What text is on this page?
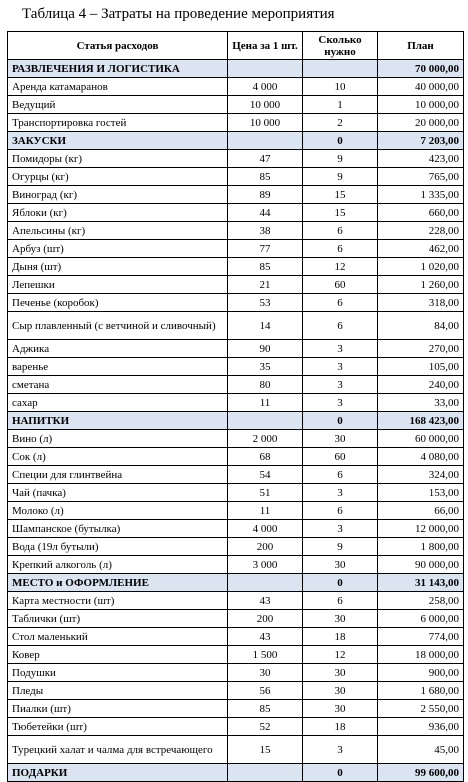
Таблица 4 – Затраты на проведение мероприятия
Статья расходов	Цена за 1 шт.	Сколько нужно	План
РАЗВЛЕЧЕНИЯ И ЛОГИСТИКА			70 000,00
Аренда катамаранов	4 000	10	40 000,00
Ведущий	10 000	1	10 000,00
Транспортировка гостей	10 000	2	20 000,00
ЗАКУСКИ		0	7 203,00
Помидоры (кг)	47	9	423,00
Огурцы (кг)	85	9	765,00
Виноград (кг)	89	15	1 335,00
Яблоки (кг)	44	15	660,00
Апельсины (кг)	38	6	228,00
Арбуз (шт)	77	6	462,00
Дыня (шт)	85	12	1 020,00
Лепешки	21	60	1 260,00
Печенье (коробок)	53	6	318,00
Сыр плавленный (с ветчиной и сливочный)	14	6	84,00
Аджика	90	3	270,00
варенье	35	3	105,00
сметана	80	3	240,00
сахар	11	3	33,00
НАПИТКИ		0	168 423,00
Вино (л)	2 000	30	60 000,00
Сок (л)	68	60	4 080,00
Специи для глинтвейна	54	6	324,00
Чай (пачка)	51	3	153,00
Молоко (л)	11	6	66,00
Шампанское (бутылка)	4 000	3	12 000,00
Вода (19л бутыли)	200	9	1 800,00
Крепкий алкоголь (л)	3 000	30	90 000,00
МЕСТО и ОФОРМЛЕНИЕ		0	31 143,00
Карта местности (шт)	43	6	258,00
Таблички (шт)	200	30	6 000,00
Стол маленький	43	18	774,00
Ковер	1 500	12	18 000,00
Подушки	30	30	900,00
Пледы	56	30	1 680,00
Пиалки (шт)	85	30	2 550,00
Тюбетейки (шт)	52	18	936,00
Турецкий халат и чалма для встречающего	15	3	45,00
ПОДАРКИ		0	99 600,00
